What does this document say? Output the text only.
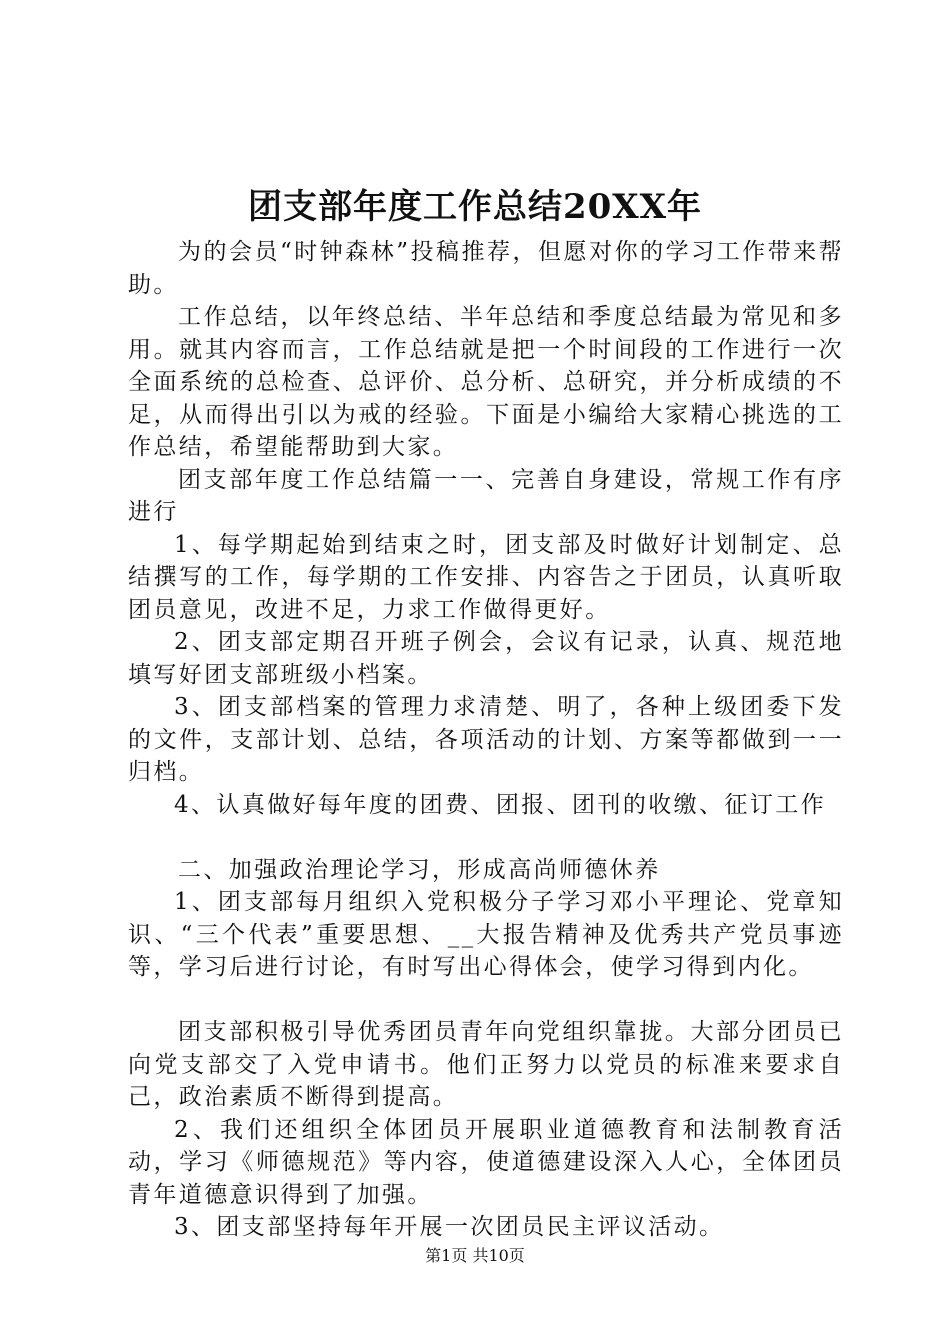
团支部年度工作总结20XX年

为的会员“时钟森林”投稿推荐，但愿对你的学习工作带来帮助。

工作总结，以年终总结、半年总结和季度总结最为常见和多用。就其内容而言，工作总结就是把一个时间段的工作进行一次全面系统的总检查、总评价、总分析、总研究，并分析成绩的不足，从而得出引以为戒的经验。下面是小编给大家精心挑选的工作总结，希望能帮助到大家。

团支部年度工作总结篇一一、完善自身建设，常规工作有序进行

1、每学期起始到结束之时，团支部及时做好计划制定、总结撰写的工作，每学期的工作安排、内容告之于团员，认真听取团员意见，改进不足，力求工作做得更好。

2、团支部定期召开班子例会，会议有记录，认真、规范地填写好团支部班级小档案。

3、团支部档案的管理力求清楚、明了，各种上级团委下发的文件，支部计划、总结，各项活动的计划、方案等都做到一一归档。

4、认真做好每年度的团费、团报、团刊的收缴、征订工作

二、加强政治理论学习，形成高尚师德休养

1、团支部每月组织入党积极分子学习邓小平理论、党章知识、“三个代表”重要思想、__大报告精神及优秀共产党员事迹等，学习后进行讨论，有时写出心得体会，使学习得到内化。

团支部积极引导优秀团员青年向党组织靠拢。大部分团员已向党支部交了入党申请书。他们正努力以党员的标准来要求自己，政治素质不断得到提高。

2、我们还组织全体团员开展职业道德教育和法制教育活动，学习《师德规范》等内容，使道德建设深入人心，全体团员青年道德意识得到了加强。

3、团支部坚持每年开展一次团员民主评议活动。

第1页 共10页
